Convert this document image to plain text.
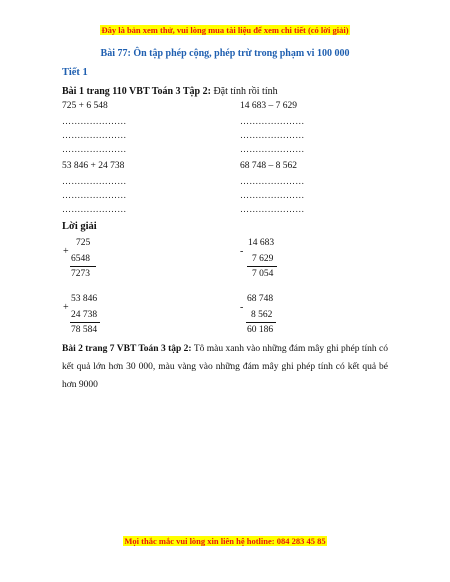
Đây là bản xem thử, vui lòng mua tài liệu để xem chi tiết (có lời giải)
Bài 77: Ôn tập phép cộng, phép trừ trong phạm vi 100 000
Tiết 1
Bài 1 trang 110 VBT Toán 3 Tập 2: Đặt tính rồi tính
725 + 6 548	14 683 – 7 629
…………………
…………………
…………………
…………………
…………………
…………………
53 846 + 24 738	68 748 – 8 562
…………………
…………………
…………………
…………………
…………………
…………………
Lời giải
725
+
6548
7273
14 683
-
7 629
7 054
53 846
+
24 738
78 584
68 748
-
8 562
60 186
Bài 2 trang 7 VBT Toán 3 tập 2: Tô màu xanh vào những đám mây ghi phép tính có kết quả lớn hơn 30 000, màu vàng vào những đám mây ghi phép tính có kết quả bé hơn 9000
Mọi thắc mắc vui lòng xin liên hệ hotline: 084 283 45 85
